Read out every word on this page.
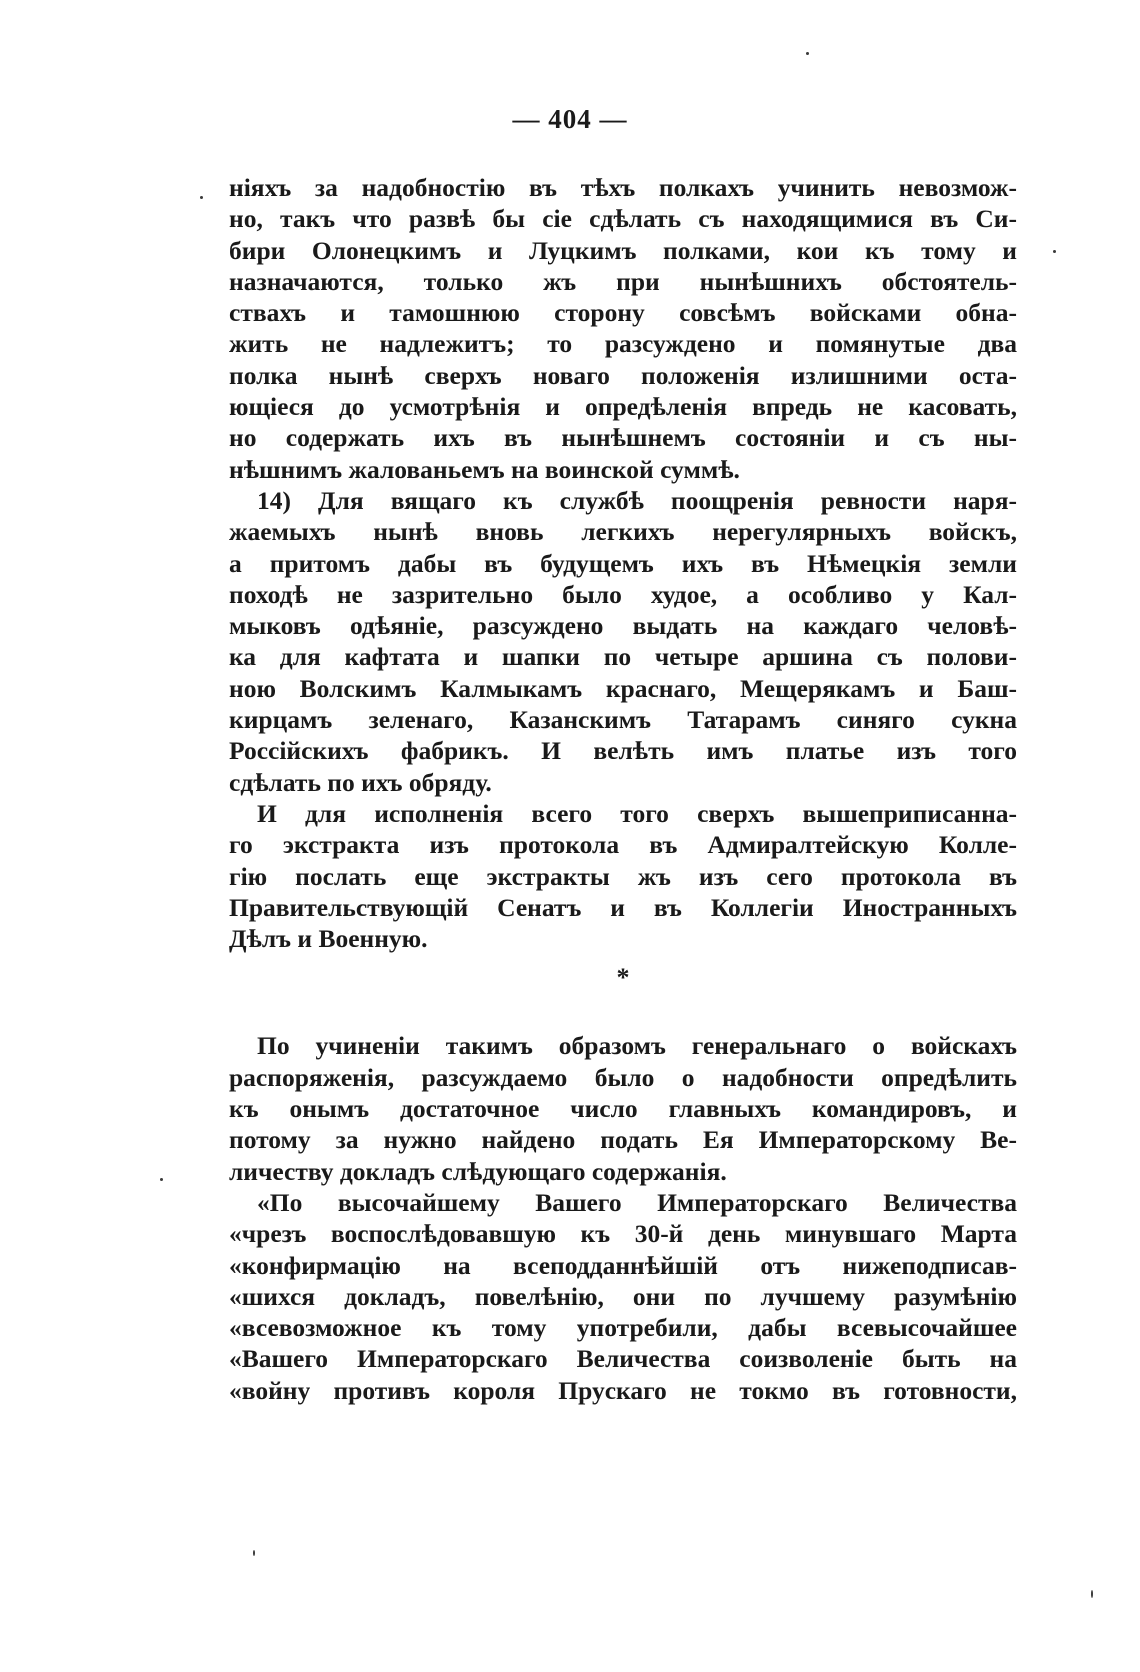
— 404 —
нiяхъ за надобностiю въ тѣхъ полкахъ учинить невозмож-
но, такъ что развѣ бы сiе сдѣлать съ находящимися въ Си-
бири Олонецкимъ и Луцкимъ полками, кои къ тому и
назначаются, только жъ при нынѣшнихъ обстоятель-
ствахъ и тамошнюю сторону совсѣмъ войсками обна-
жить не надлежитъ; то разсуждено и помянутые два
полка нынѣ сверхъ новаго положенiя излишними оста-
ющiеся до усмотрѣнiя и опредѣленiя впредь не касовать,
но содержать ихъ въ нынѣшнемъ состоянiи и съ ны-
нѣшнимъ жалованьемъ на воинской суммѣ.
14) Для вящаго къ службѣ поощренiя ревности наря-
жаемыхъ нынѣ вновь легкихъ нерегулярныхъ войскъ,
а притомъ дабы въ будущемъ ихъ въ Нѣмецкiя земли
походѣ не зазрительно было худое, а особливо у Кал-
мыковъ одѣянiе, разсуждено выдать на каждаго человѣ-
ка для кафтата и шапки по четыре аршина съ полови-
ною Волскимъ Калмыкамъ краснаго, Мещерякамъ и Баш-
кирцамъ зеленаго, Казанскимъ Татарамъ синяго сукна
Россiйскихъ фабрикъ. И велѣть имъ платье изъ того
сдѣлать по ихъ обряду.
И для исполненiя всего того сверхъ вышеприписанна-
го экстракта изъ протокола въ Адмиралтейскую Колле-
гiю послать еще экстракты жъ изъ сего протокола въ
Правительствующiй Сенатъ и въ Коллегiи Иностранныхъ
Дѣлъ и Военную.
*
По учиненiи такимъ образомъ генеральнаго о войскахъ
распоряженiя, разсуждаемо было о надобности опредѣлить
къ онымъ достаточное число главныхъ командировъ, и
потому за нужно найдено подать Ея Императорскому Ве-
личеству докладъ слѣдующаго содержанiя.
«По высочайшему Вашего Императорскаго Величества
«чрезъ воспослѣдовавшую къ 30-й день минувшаго Марта
«конфирмацiю на всеподданнѣйшiй отъ нижеподписав-
«шихся докладъ, повелѣнiю, они по лучшему разумѣнiю
«всевозможное къ тому употребили, дабы всевысочайшее
«Вашего Императорскаго Величества соизволенiе быть на
«войну противъ короля Пруcкаго не токмо въ готовности,
